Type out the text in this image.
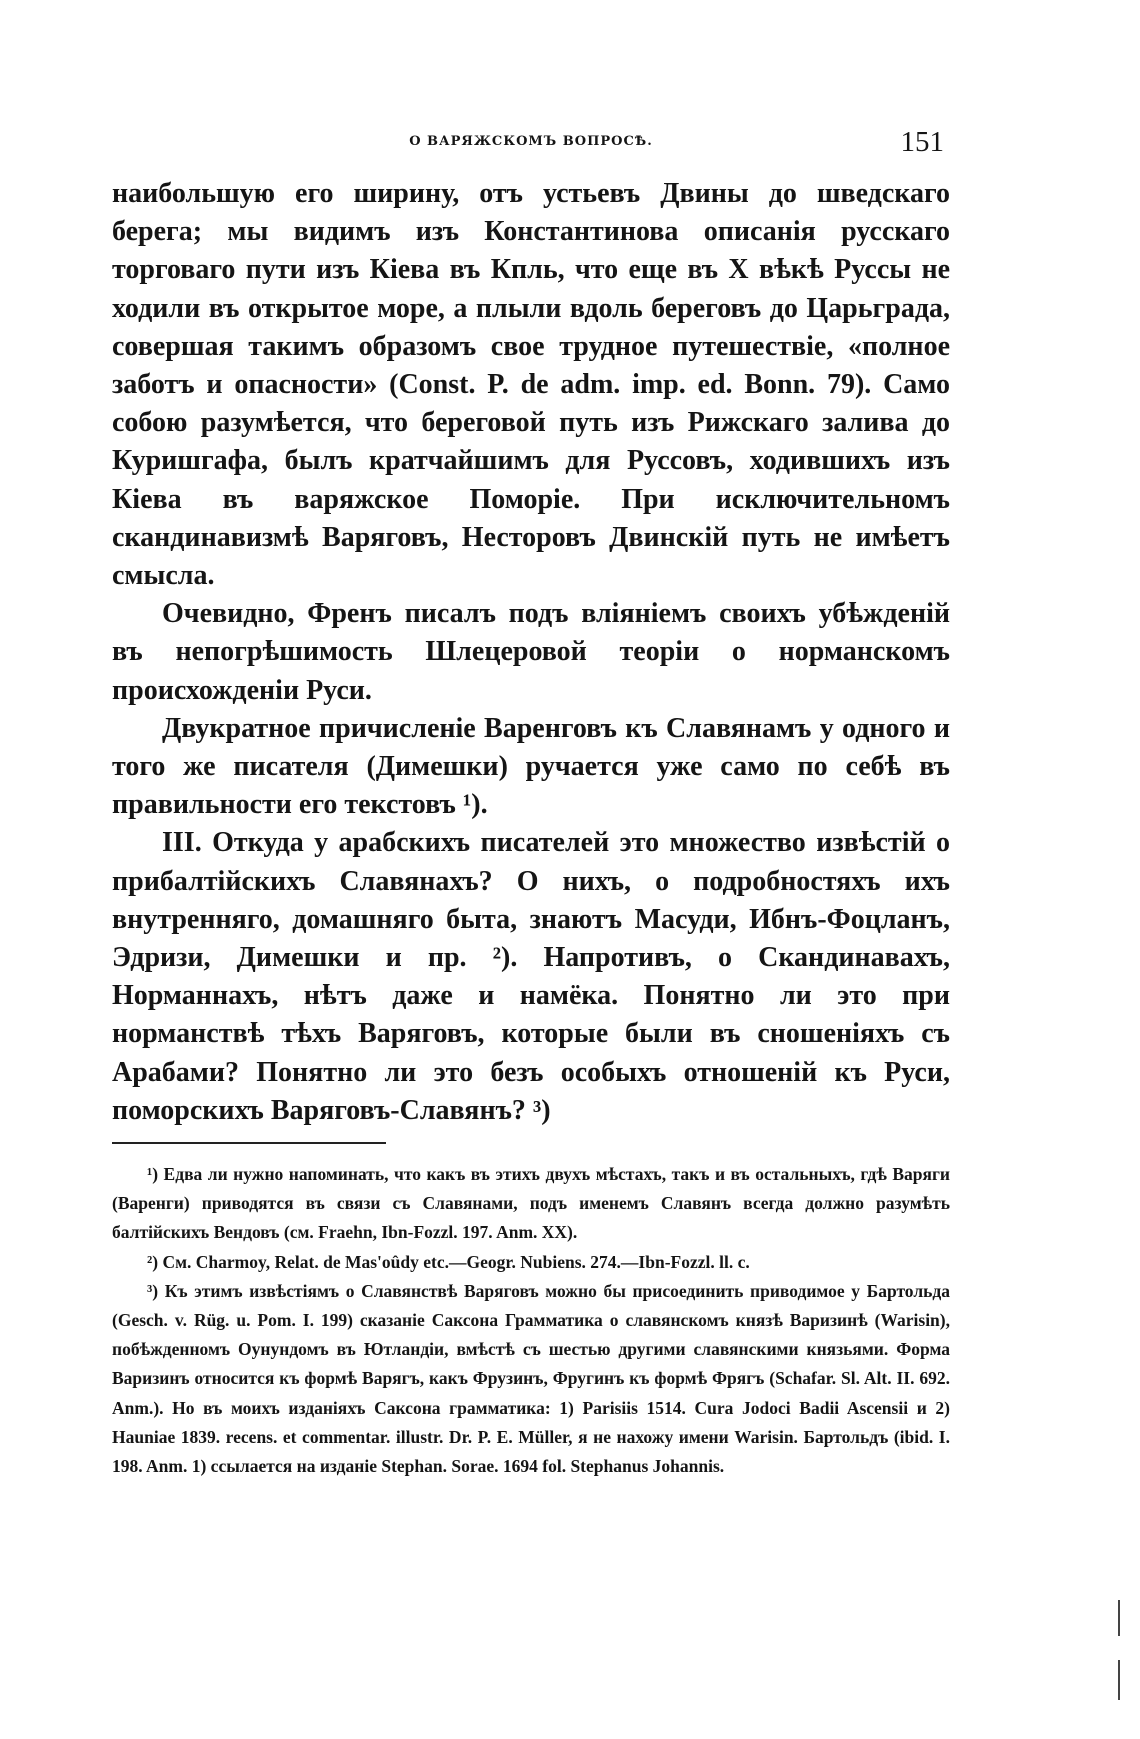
О ВАРЯЖСКОМЪ ВОПРОСѢ.	151

наибольшую его ширину, отъ устьевъ Двины до шведскаго берега; мы видимъ изъ Константинова описанія русскаго торговаго пути изъ Кіева въ Кпль, что еще въ X вѣкѣ Руссы не ходили въ открытое море, а плыли вдоль береговъ до Царьграда, совершая такимъ образомъ свое трудное путешествіе, «полное заботъ и опасности» (Const. P. de adm. imp. ed. Bonn. 79). Само собою разумѣется, что береговой путь изъ Рижскаго залива до Куришгафа, былъ кратчайшимъ для Руссовъ, ходившихъ изъ Кіева въ варяжское Поморіе. При исключительномъ скандинавизмѣ Варяговъ, Несторовъ Двинскій путь не имѣетъ смысла.

Очевидно, Френъ писалъ подъ вліяніемъ своихъ убѣжденій въ непогрѣшимость Шлецеровой теоріи о норманскомъ происхожденіи Руси.

Двукратное причисленіе Варенговъ къ Славянамъ у одного и того же писателя (Димешки) ручается уже само по себѣ въ правильности его текстовъ ¹).

III. Откуда у арабскихъ писателей это множество извѣстій о прибалтійскихъ Славянахъ? О нихъ, о подробностяхъ ихъ внутренняго, домашняго быта, знаютъ Масуди, Ибнъ-Фоцланъ, Эдризи, Димешки и пр. ²). Напротивъ, о Скандинавахъ, Норманнахъ, нѣтъ даже и намёка. Понятно ли это при норманствѣ тѣхъ Варяговъ, которые были въ сношеніяхъ съ Арабами? Понятно ли это безъ особыхъ отношеній къ Руси, поморскихъ Варяговъ-Славянъ? ³)

¹) Едва ли нужно напоминать, что какъ въ этихъ двухъ мѣстахъ, такъ и въ остальныхъ, гдѣ Варяги (Варенги) приводятся въ связи съ Славянами, подъ именемъ Славянъ всегда должно разумѣть балтійскихъ Вендовъ (см. Fraehn, Ibn-Fozzl. 197. Anm. XX).

²) См. Charmoy, Relat. de Mas'oûdy etc.—Geogr. Nubiens. 274.—Ibn-Fozzl. ll. c.

³) Къ этимъ извѣстіямъ о Славянствѣ Варяговъ можно бы присоединить приводимое у Бартольда (Gesch. v. Rüg. u. Pom. I. 199) сказаніе Саксона Грамматика о славянскомъ князѣ Варизинѣ (Warisin), побѣжденномъ Оунундомъ въ Ютландіи, вмѣстѣ съ шестью другими славянскими князьями. Форма Варизинъ относится къ формѣ Варягъ, какъ Фрузинъ, Фругинъ къ формѣ Фрягъ (Schafar. Sl. Alt. II. 692. Anm.). Но въ моихъ изданіяхъ Саксона грамматика: 1) Parisiis 1514. Cura Jodoci Badii Ascensii и 2) Hauniae 1839. recens. et commentar. illustr. Dr. P. E. Müller, я не нахожу имени Warisin. Бартольдъ (ibid. I. 198. Anm. 1) ссылается на изданіе Stephan. Sorae. 1694 fol. Stephanus Johannis.
